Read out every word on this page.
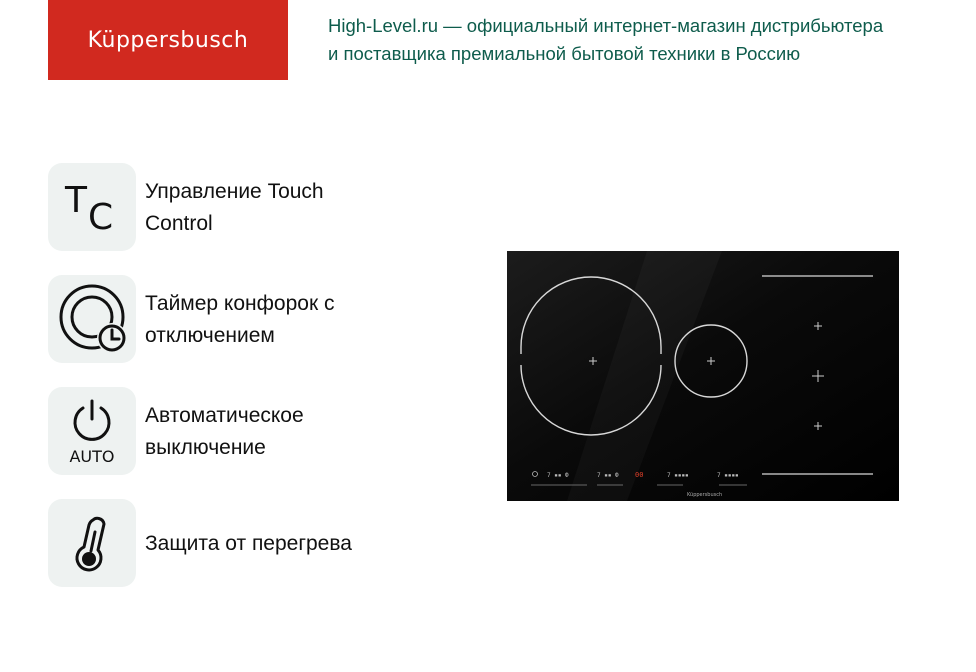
Küppersbusch
High-Level.ru — официальный интернет-магазин дистрибьютера
и поставщика премиальной бытовой техники в Россию
T C
Управление Touch
Control
Таймер конфорок с
отключением
AUTO
Автоматическое
выключение
Защита от перегрева
7 ▪▪ Ф	7 ▪▪ Ф 00	7 ▪▪▪▪	7 ▪▪▪▪
Küppersbusch
